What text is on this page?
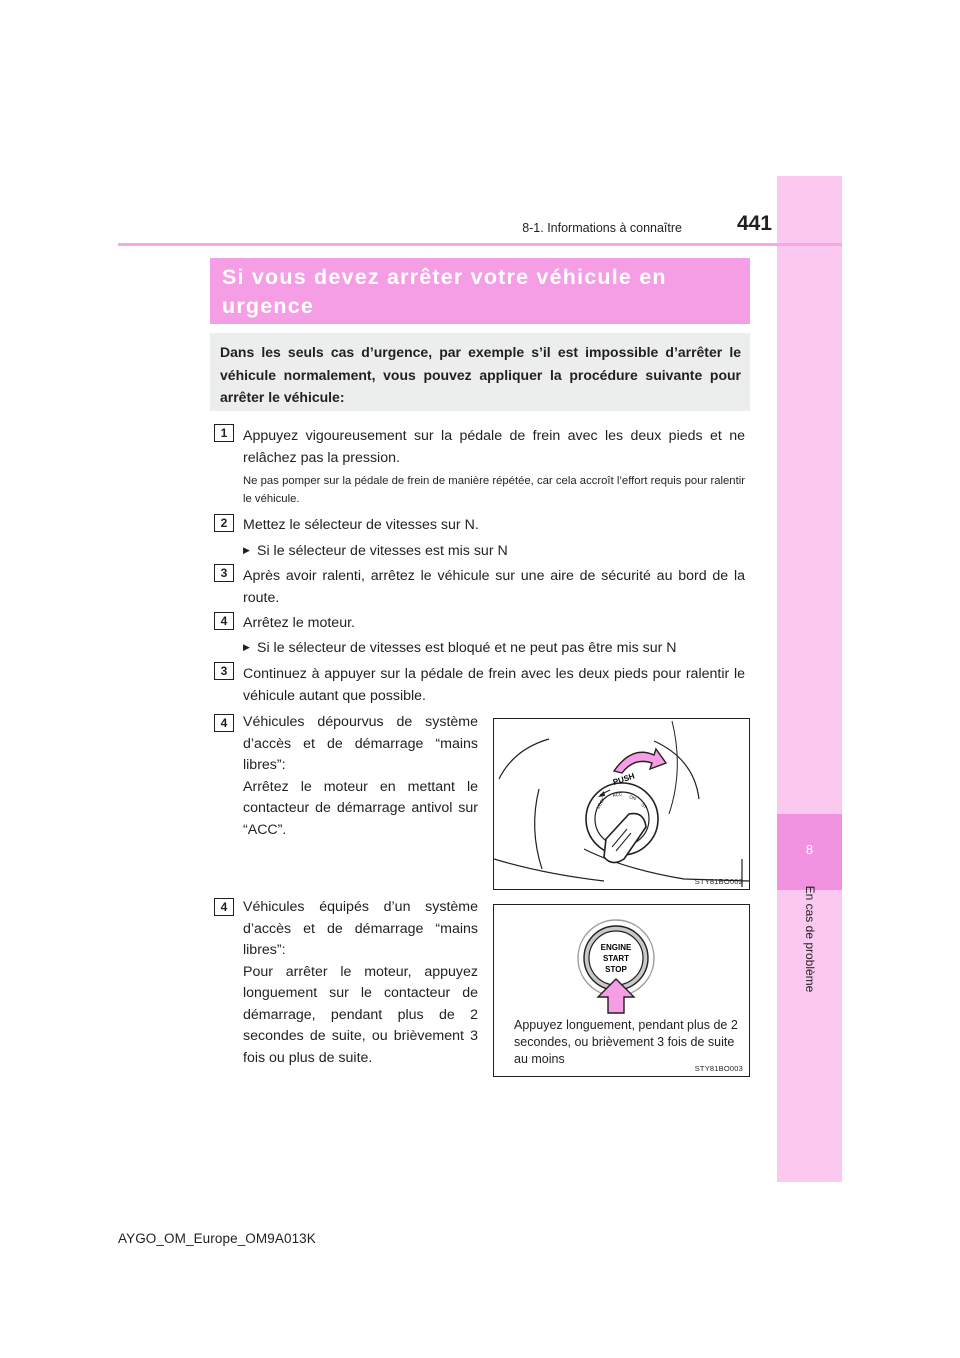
8
En cas de problème
8-1. Informations à connaître	441
Si vous devez arrêter votre véhicule en
urgence
Dans les seuls cas d’urgence, par exemple s’il est impossible d’arrêter le véhicule normalement, vous pouvez appliquer la procédure suivante pour arrêter le véhicule:
1	Appuyez vigoureusement sur la pédale de frein avec les deux pieds et ne relâchez pas la pression.

Ne pas pomper sur la pédale de frein de manière répétée, car cela accroît l’effort requis pour ralentir le véhicule.

2	Mettez le sélecteur de vitesses sur N.

▶ Si le sélecteur de vitesses est mis sur N
3	Après avoir ralenti, arrêtez le véhicule sur une aire de sécurité au bord de la route.

4	Arrêtez le moteur.

▶ Si le sélecteur de vitesses est bloqué et ne peut pas être mis sur N
3	Continuez à appuyer sur la pédale de frein avec les deux pieds pour ralentir le véhicule autant que possible.

4	Véhicules dépourvus de système d’accès et de démarrage “mains libres”:
Arrêtez le moteur en mettant le contacteur de démarrage antivol sur “ACC”.

PUSH
LOCK
ACC ON
ST
STY81BO002
4	Véhicules équipés d’un système d’accès et de démarrage “mains libres”:
Pour arrêter le moteur, appuyez longuement sur le contacteur de démarrage, pendant plus de 2 secondes de suite, ou brièvement 3 fois ou plus de suite.

ENGINE
START
STOP
Appuyez longuement, pendant plus de 2 secondes, ou brièvement 3 fois de suite au moins
STY81BO003
AYGO_OM_Europe_OM9A013K
